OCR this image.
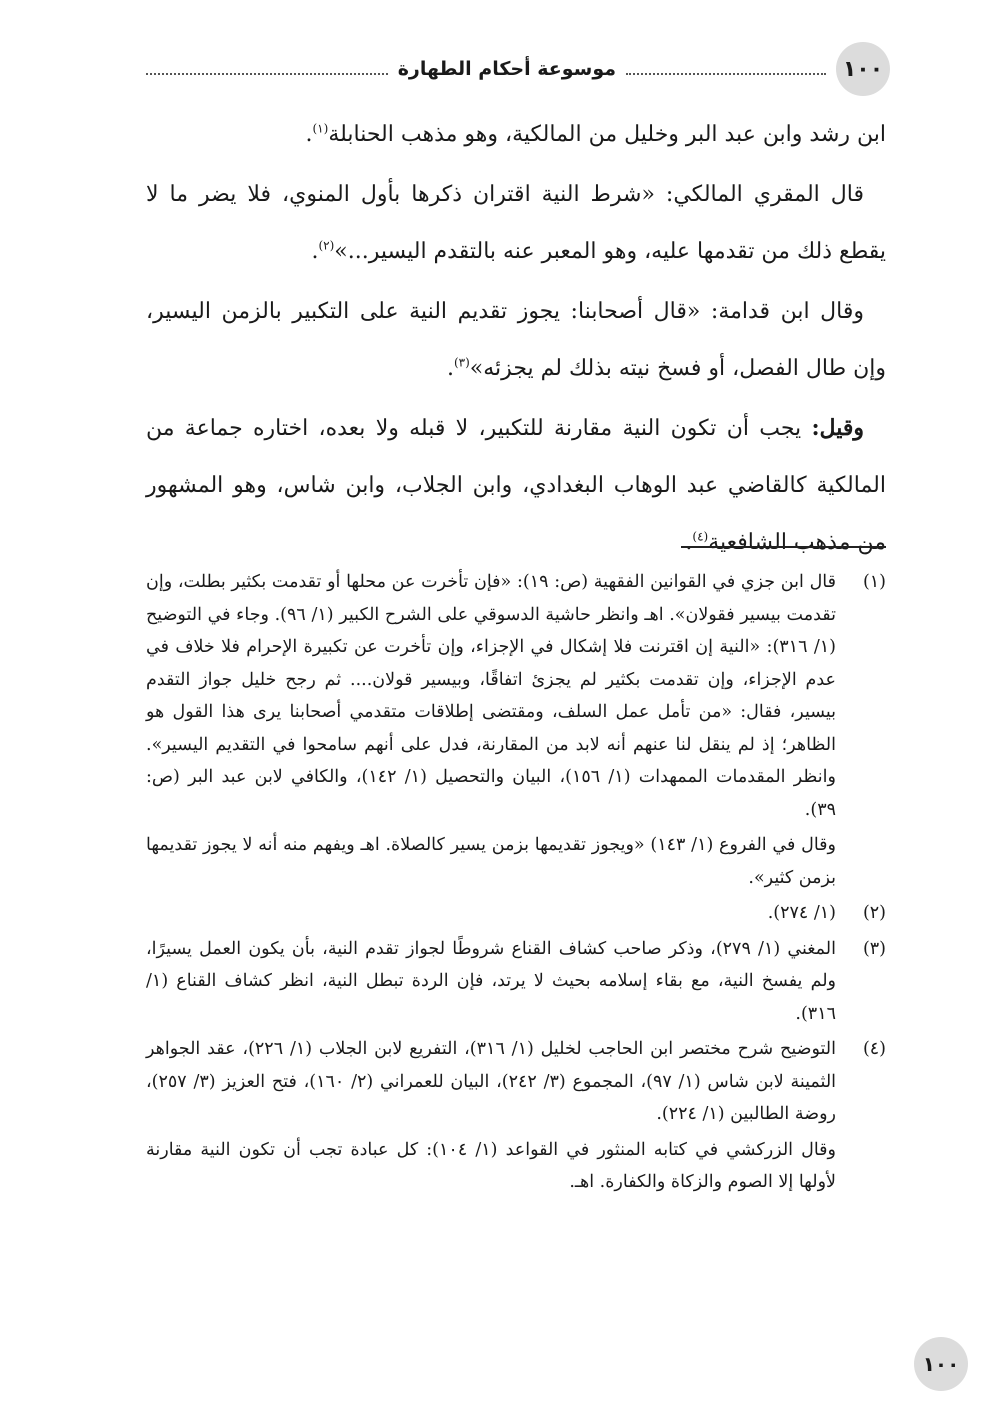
١٠٠
موسوعة أحكام الطهارة

ابن رشد وابن عبد البر وخليل من المالكية، وهو مذهب الحنابلة$^{(١)}$.

قال المقري المالكي: «شرط النية اقتران ذكرها بأول المنوي، فلا يضر ما لا يقطع ذلك من تقدمها عليه، وهو المعبر عنه بالتقدم اليسير...»$^{(٢)}$.

وقال ابن قدامة: «قال أصحابنا: يجوز تقديم النية على التكبير بالزمن اليسير، وإن طال الفصل، أو فسخ نيته بذلك لم يجزئه»$^{(٣)}$.

وقيل: يجب أن تكون النية مقارنة للتكبير، لا قبله ولا بعده، اختاره جماعة من المالكية كالقاضي عبد الوهاب البغدادي، وابن الجلاب، وابن شاس، وهو المشهور من مذهب الشافعية$^{(٤)}$.

(١)
قال ابن جزي في القوانين الفقهية (ص: ١٩): «فإن تأخرت عن محلها أو تقدمت بكثير بطلت، وإن تقدمت بيسير فقولان». اهـ وانظر حاشية الدسوقي على الشرح الكبير (١/ ٩٦). وجاء في التوضيح (١/ ٣١٦): «النية إن اقترنت فلا إشكال في الإجزاء، وإن تأخرت عن تكبيرة الإحرام فلا خلاف في عدم الإجزاء، وإن تقدمت بكثير لم يجزئ اتفاقًا، وبيسير قولان.... ثم رجح خليل جواز التقدم بيسير، فقال: «من تأمل عمل السلف، ومقتضى إطلاقات متقدمي أصحابنا يرى هذا القول هو الظاهر؛ إذ لم ينقل لنا عنهم أنه لابد من المقارنة، فدل على أنهم سامحوا في التقديم اليسير». وانظر المقدمات الممهدات (١/ ١٥٦)، البيان والتحصيل (١/ ١٤٢)، والكافي لابن عبد البر (ص: ٣٩).
وقال في الفروع (١/ ١٤٣) «ويجوز تقديمها بزمن يسير كالصلاة. اهـ ويفهم منه أنه لا يجوز تقديمها بزمن كثير».
(٢)
(١/ ٢٧٤).
(٣)
المغني (١/ ٢٧٩)، وذكر صاحب كشاف القناع شروطًا لجواز تقدم النية، بأن يكون العمل يسيرًا، ولم يفسخ النية، مع بقاء إسلامه بحيث لا يرتد، فإن الردة تبطل النية، انظر كشاف القناع (١/ ٣١٦).
(٤)
التوضيح شرح مختصر ابن الحاجب لخليل (١/ ٣١٦)، التفريع لابن الجلاب (١/ ٢٢٦)، عقد الجواهر الثمينة لابن شاس (١/ ٩٧)، المجموع (٣/ ٢٤٢)، البيان للعمراني (٢/ ١٦٠)، فتح العزيز (٣/ ٢٥٧)، روضة الطالبين (١/ ٢٢٤).
وقال الزركشي في كتابه المنثور في القواعد (١/ ١٠٤): كل عبادة تجب أن تكون النية مقارنة لأولها إلا الصوم والزكاة والكفارة. اهـ.
١٠٠
